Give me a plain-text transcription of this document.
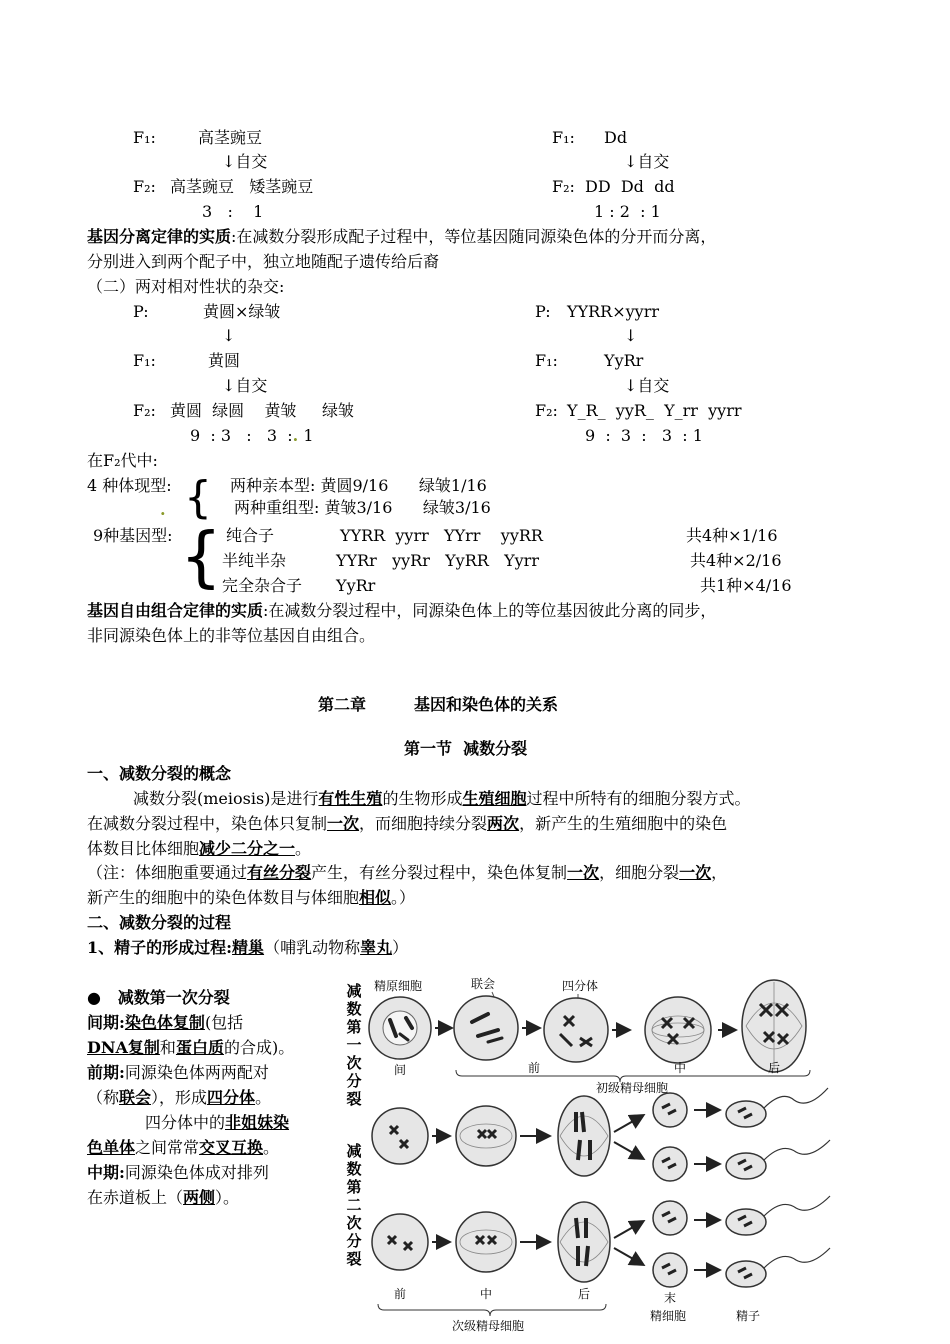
F₁:	高茎豌豆
↓自交
F₂: 高茎豌豆   矮茎豌豆
3   :    1
F₁: Dd
↓自交
F₂: DD  Dd  dd
1 : 2  : 1
基因分离定律的实质:在减数分裂形成配子过程中，等位基因随同源染色体的分开而分离，
分别进入到两个配子中，独立地随配子遗传给后裔
（二）两对相对性状的杂交:
P:	黄圆×绿皱
↓
F₁:	黄圆
↓自交
F₂: 黄圆  绿圆    黄皱     绿皱
9  : 3   :   3  :. 1
P: YYRR×yyrr
↓
F₁:	YyRr
↓自交
F₂: Y_R_  yyR_  Y_rr  yyrr
9  :  3  :   3  : 1
在F₂代中:
4 种体现型: {
.
两种亲本型: 黄圆9/16      绿皱1/16
两种重组型: 黄皱3/16      绿皱3/16
9种基因型: { 纯合子	YYRR  yyrr   YYrr    yyRR	共4种×1/16
半纯半杂	YYRr   yyRr   YyRR   Yyrr	共4种×2/16
完全杂合子 YyRr	共1种×4/16
基因自由组合定律的实质:在减数分裂过程中，同源染色体上的等位基因彼此分离的同步，
非同源染色体上的非等位基因自由组合。
第二章	基因和染色体的关系
第一节  减数分裂
一、减数分裂的概念
减数分裂(meiosis)是进行有性生殖的生物形成生殖细胞过程中所特有的细胞分裂方式。
在减数分裂过程中，染色体只复制一次，而细胞持续分裂两次，新产生的生殖细胞中的染色
体数目比体细胞减少二分之一。
（注：体细胞重要通过有丝分裂产生，有丝分裂过程中，染色体复制一次，细胞分裂一次，
新产生的细胞中的染色体数目与体细胞相似。）
二、减数分裂的过程
1、精子的形成过程:精巢（哺乳动物称睾丸）
● 减数第一次分裂
间期:染色体复制(包括
DNA复制和蛋白质的合成)。
前期:同源染色体两两配对
（称联会），形成四分体。
四分体中的非姐妹染
色单体之间常常交叉互换。
中期:同源染色体成对排列
在赤道板上（两侧）。
减
数
第
一
次
分
裂
减
数
第
二
次
分
裂
精原细胞	联会	四分体
间	前	中	后
初级精母细胞
前	中	后	末
次级精母细胞
精细胞	精子
